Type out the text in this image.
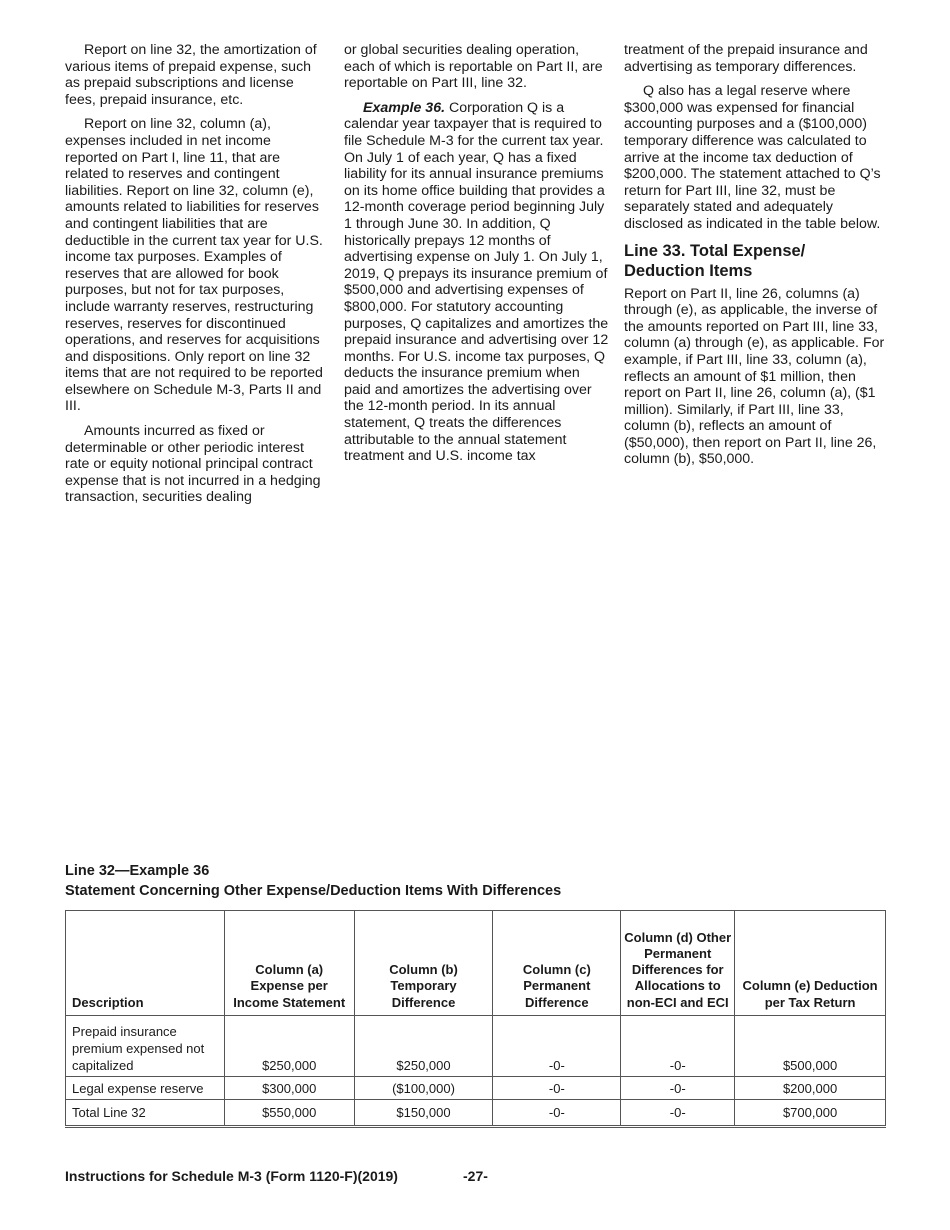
Report on line 32, the amortization of various items of prepaid expense, such as prepaid subscriptions and license fees, prepaid insurance, etc.

Report on line 32, column (a), expenses included in net income reported on Part I, line 11, that are related to reserves and contingent liabilities. Report on line 32, column (e), amounts related to liabilities for reserves and contingent liabilities that are deductible in the current tax year for U.S. income tax purposes. Examples of reserves that are allowed for book purposes, but not for tax purposes, include warranty reserves, restructuring reserves, reserves for discontinued operations, and reserves for acquisitions and dispositions. Only report on line 32 items that are not required to be reported elsewhere on Schedule M-3, Parts II and III.

Amounts incurred as fixed or determinable or other periodic interest rate or equity notional principal contract expense that is not incurred in a hedging transaction, securities dealing

or global securities dealing operation, each of which is reportable on Part II, are reportable on Part III, line 32.

Example 36. Corporation Q is a calendar year taxpayer that is required to file Schedule M-3 for the current tax year. On July 1 of each year, Q has a fixed liability for its annual insurance premiums on its home office building that provides a 12-month coverage period beginning July 1 through June 30. In addition, Q historically prepays 12 months of advertising expense on July 1. On July 1, 2019, Q prepays its insurance premium of $500,000 and advertising expenses of $800,000. For statutory accounting purposes, Q capitalizes and amortizes the prepaid insurance and advertising over 12 months. For U.S. income tax purposes, Q deducts the insurance premium when paid and amortizes the advertising over the 12-month period. In its annual statement, Q treats the differences attributable to the annual statement treatment and U.S. income tax

treatment of the prepaid insurance and advertising as temporary differences.

Q also has a legal reserve where $300,000 was expensed for financial accounting purposes and a ($100,000) temporary difference was calculated to arrive at the income tax deduction of $200,000. The statement attached to Q’s return for Part III, line 32, must be separately stated and adequately disclosed as indicated in the table below.

Line 33. Total Expense/ Deduction Items

Report on Part II, line 26, columns (a) through (e), as applicable, the inverse of the amounts reported on Part III, line 33, column (a) through (e), as applicable. For example, if Part III, line 33, column (a), reflects an amount of $1 million, then report on Part II, line 26, column (a), ($1 million). Similarly, if Part III, line 33, column (b), reflects an amount of ($50,000), then report on Part II, line 26, column (b), $50,000.

Line 32—Example 36
Statement Concerning Other Expense/Deduction Items With Differences
Description	Column (a) Expense per Income Statement	Column (b) Temporary Difference	Column (c) Permanent Difference	Column (d) Other Permanent Differences for Allocations to non-ECI and ECI	Column (e) Deduction per Tax Return
Prepaid insurance premium expensed not capitalized	$250,000	$250,000	-0-	-0-	$500,000
Legal expense reserve	$300,000	($100,000)	-0-	-0-	$200,000
Total Line 32	$550,000	$150,000	-0-	-0-	$700,000
Instructions for Schedule M-3 (Form 1120-F)(2019)	-27-
